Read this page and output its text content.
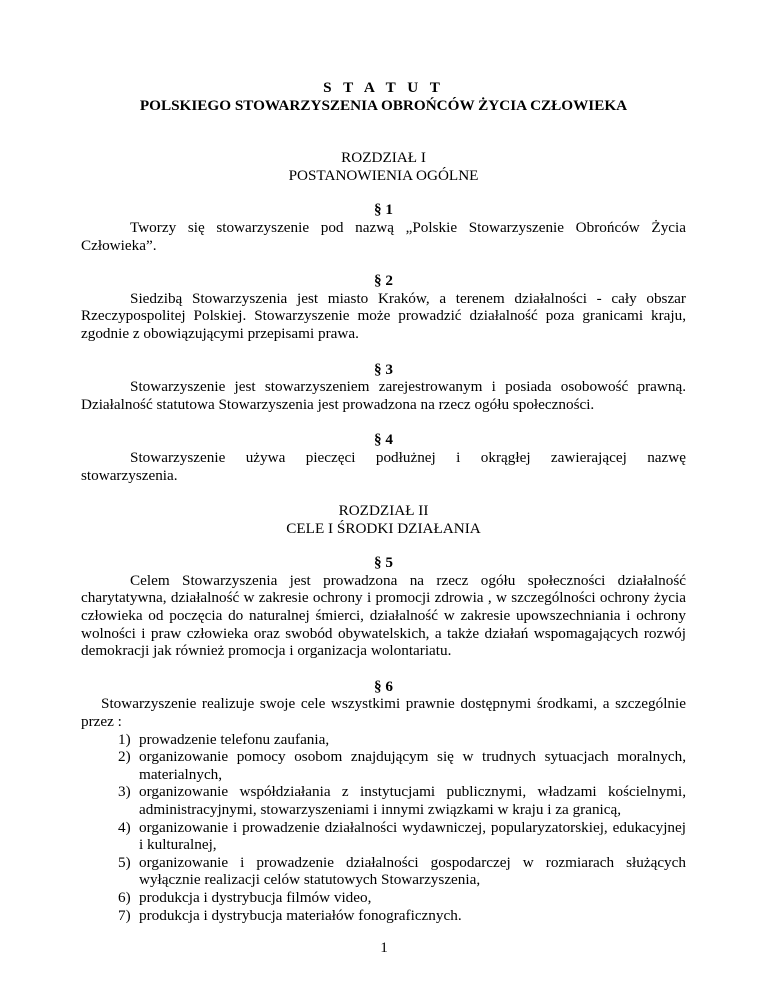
S T A T U T

POLSKIEGO STOWARZYSZENIA OBROŃCÓW ŻYCIA CZŁOWIEKA

ROZDZIAŁ I

POSTANOWIENIA OGÓLNE

§ 1

Tworzy się stowarzyszenie pod nazwą „Polskie Stowarzyszenie Obrońców Życia Człowieka”.

§ 2

Siedzibą Stowarzyszenia jest miasto Kraków, a terenem działalności - cały obszar Rzeczypospolitej Polskiej. Stowarzyszenie może prowadzić działalność poza granicami kraju, zgodnie z obowiązującymi przepisami prawa.

§ 3

Stowarzyszenie jest stowarzyszeniem zarejestrowanym i posiada osobowość prawną. Działalność statutowa Stowarzyszenia jest prowadzona na rzecz ogółu społeczności.

§ 4

Stowarzyszenie używa pieczęci podłużnej i okrągłej zawierającej nazwę

stowarzyszenia.

ROZDZIAŁ II

CELE I ŚRODKI DZIAŁANIA

§ 5

Celem Stowarzyszenia jest prowadzona na rzecz ogółu społeczności działalność charytatywna, działalność w zakresie ochrony i promocji zdrowia , w szczególności ochrony życia człowieka od poczęcia do naturalnej śmierci, działalność w zakresie upowszechniania i ochrony wolności i praw człowieka oraz swobód obywatelskich, a także działań wspomagających rozwój demokracji jak również promocja i organizacja wolontariatu.

§ 6

Stowarzyszenie realizuje swoje cele wszystkimi prawnie dostępnymi środkami, a szczególnie przez :

1) prowadzenie telefonu zaufania,
2) organizowanie pomocy osobom znajdującym się w trudnych sytuacjach moralnych, materialnych,
3) organizowanie współdziałania z instytucjami publicznymi, władzami kościelnymi, administracyjnymi, stowarzyszeniami i innymi związkami w kraju i za granicą,
4) organizowanie i prowadzenie działalności wydawniczej, popularyzatorskiej, edukacyjnej i kulturalnej,
5) organizowanie i prowadzenie działalności gospodarczej w rozmiarach służących wyłącznie realizacji celów statutowych Stowarzyszenia,
6) produkcja i dystrybucja filmów video,
7) produkcja i dystrybucja materiałów fonograficznych.
1
